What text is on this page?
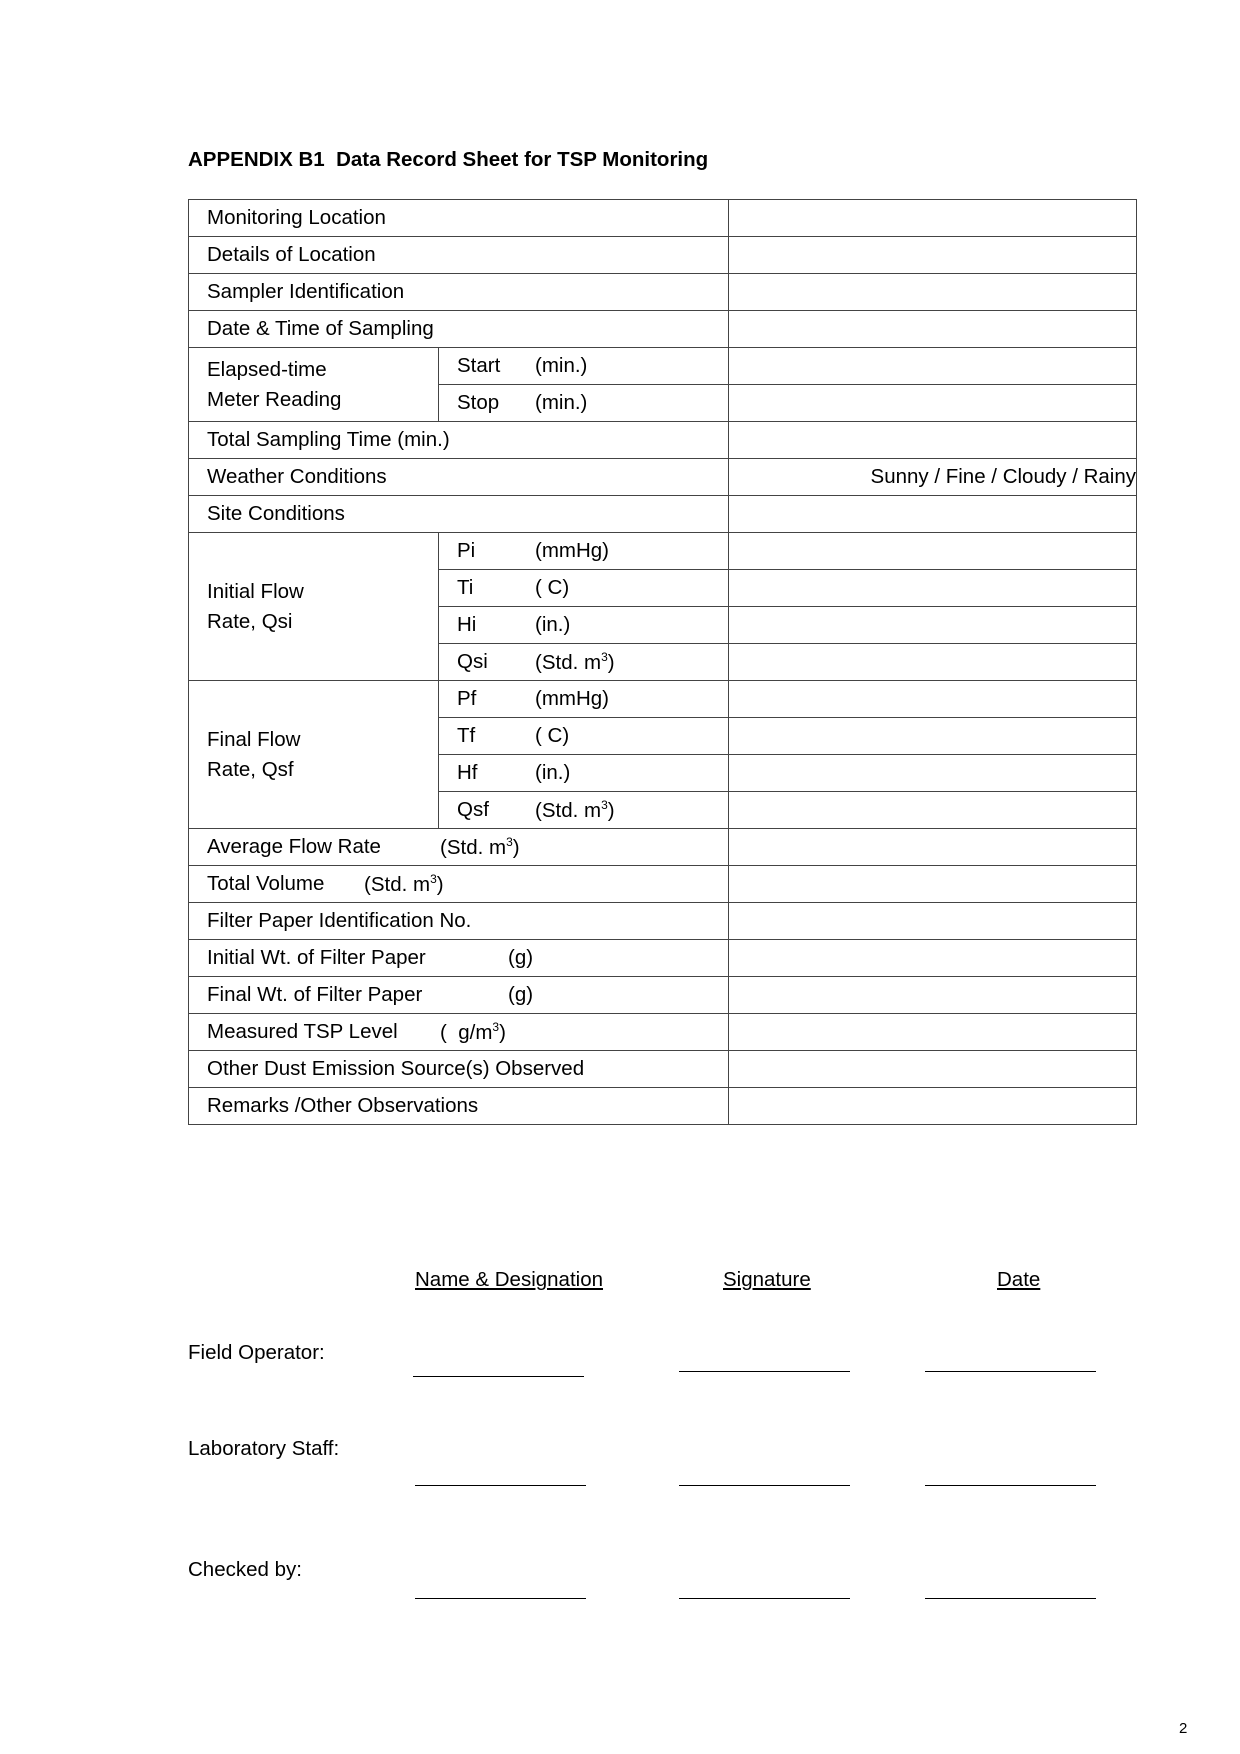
APPENDIX B1  Data Record Sheet for TSP Monitoring
Monitoring Location		
Details of Location		
Sampler Identification		
Date & Time of Sampling		
Elapsed-time
Meter Reading	Start (min.)	
	Stop (min.)	
Total Sampling Time (min.)		
Weather Conditions		Sunny / Fine / Cloudy / Rainy
Site Conditions		
Initial Flow
Rate, Qsi	Pi (mmHg)	
	Ti ( C)	
	Hi (in.)	
	Qsi (Std. $m^3$)	
Final Flow
Rate, Qsf	Pf (mmHg)	
	Tf ( C)	
	Hf (in.)	
	Qsf (Std. $m^3$)	
Average Flow Rate (Std. $m^3$)		
Total Volume (Std. $m^3$)		
Filter Paper Identification No.		
Initial Wt. of Filter Paper (g)		
Final Wt. of Filter Paper (g)		
Measured TSP Level (  $g/m^3$)		
Other Dust Emission Source(s) Observed		
Remarks /Other Observations		
Name & Designation	Signature	Date
Field Operator:
Laboratory Staff:
Checked by:
2
